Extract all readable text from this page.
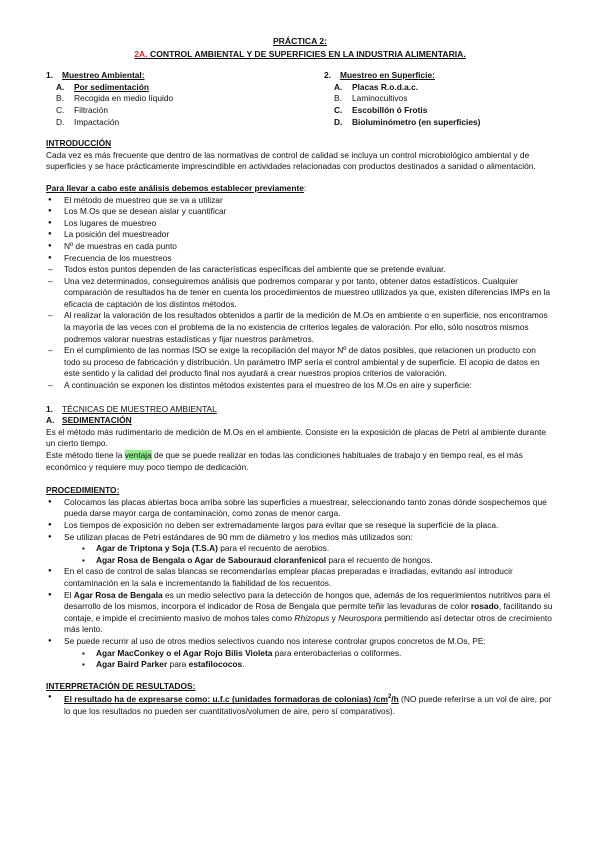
PRÁCTICA 2:
2A. CONTROL AMBIENTAL Y DE SUPERFICIES EN LA INDUSTRIA ALIMENTARIA.
1. Muestreo Ambiental:
A.	Por sedimentación
B.	Recogida en medio líquido
C.	Filtración
D.	Impactación
2. Muestreo en Superficie:
A.	Placas R.o.d.a.c.
B.	Laminocultivos
C.	Escobillón ó Frotis
D.	Bioluminómetro (en superficies)
INTRODUCCIÓN

Cada vez es más frecuente que dentro de las normativas de control de calidad se incluya un control microbiológico ambiental y de superficies y se hace prácticamente imprescindible en actividades relacionadas con productos destinados a sanidad o alimentación.

Para llevar a cabo este análisis debemos establecer previamente:
● El método de muestreo que se va a utilizar
● Los M.Os que se desean aislar y cuantificar
● Los lugares de muestreo
● La posición del muestreador
● Nº de muestras en cada punto
● Frecuencia de los muestreos
– Todos estos puntos dependen de las características específicas del ambiente que se pretende evaluar.
– Una vez determinados, conseguiremos análisis que podremos comparar y por tanto, obtener datos estadísticos. Cualquier comparación de resultados ha de tener en cuenta los procedimientos de muestreo utilizados ya que, existen diferencias IMPs en la eficacia de captación de los distintos métodos.
– Al realizar la valoración de los resultados obtenidos a partir de la medición de M.Os en ambiente o en superficie, nos encontramos la mayoría de las veces con el problema de la no existencia de criterios legales de valoración. Por ello, sólo nosotros mismos podremos valorar nuestras estadísticas y fijar nuestros parámetros.
– En el cumplimiento de las normas ISO se exige la recopilación del mayor Nº de datos posibles, que relacionen un producto con todo su proceso de fabricación y distribución. Un parámetro IMP sería el control ambiental y de superficie. El acopio de datos en este sentido y la calidad del producto final nos ayudará a crear nuestros propios criterios de valoración.
– A continuación se exponen los distintos métodos existentes para el muestreo de los M.Os en aire y superficie:
1. TÉCNICAS DE MUESTREO AMBIENTAL
A. SEDIMENTACIÓN

Es el método más rudimentario de medición de M.Os en el ambiente. Consiste en la exposición de placas de Petri al ambiente durante un cierto tiempo.

Este método tiene la ventaja de que se puede realizar en todas las condiciones habituales de trabajo y en tiempo real, es el más económico y requiere muy poco tiempo de dedicación.

PROCEDIMIENTO:
● Colocamos las placas abiertas boca arriba sobre las superficies a muestrear, seleccionando tanto zonas dónde sospechemos que pueda darse mayor carga de contaminación, como zonas de menor carga.
● Los tiempos de exposición no deben ser extremadamente largos para evitar que se reseque la superficie de la placa.
● Se utilizan placas de Petri estándares de 90 mm de diámetro y los medios más utilizados son:
▪ Agar de Triptona y Soja (T.S.A) para el recuento de aerobios.
▪ Agar Rosa de Bengala o Agar de Sabouraud cloranfenicol para el recuento de hongos.
● En el caso de control de salas blancas se recomendarías emplear placas preparadas e irradiadas, evitando así introducir contaminación en la sala e incrementando la fiabilidad de los recuentos.
● El Agar Rosa de Bengala es un medio selectivo para la detección de hongos que, además de los requerimientos nutritivos para el desarrollo de los mismos, incorpora el indicador de Rosa de Bengala que permite teñir las levaduras de color rosado, facilitando su contaje, e impide el crecimiento masivo de mohos tales como Rhizopus y Neurospora permitiendo así detectar otros de crecimiento más lento.
● Se puede recurrir al uso de otros medios selectivos cuando nos interese controlar grupos concretos de M.Os, PE:
▪ Agar MacConkey o el Agar Rojo Bilis Violeta para enterobacterias o coliformes.
▪ Agar Baird Parker para estafilococos.
INTERPRETACIÓN DE RESULTADOS:
● El resultado ha de expresarse como: u.f.c (unidades formadoras de colonias) $/cm^2/h$ (NO puede referirse a un vol de aire, por lo que los resultados no pueden ser cuantitativos/volumen de aire, pero sí comparativos).
